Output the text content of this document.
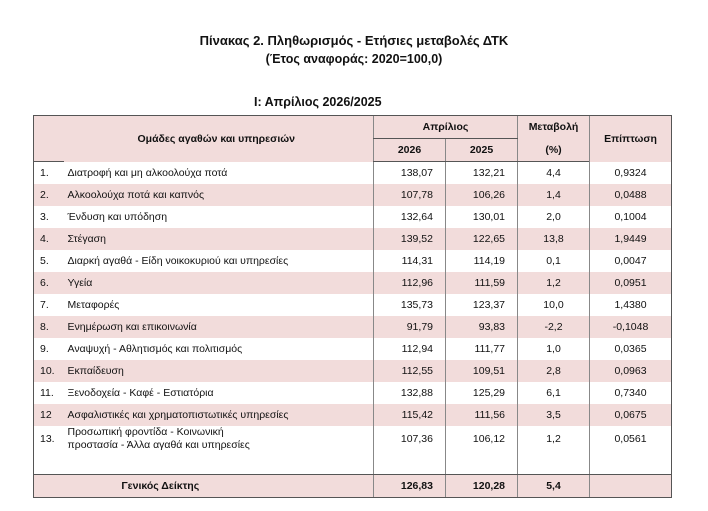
Πίνακας 2. Πληθωρισμός - Ετήσιες μεταβολές ΔΤΚ
(Έτος αναφοράς: 2020=100,0)
Ι: Απρίλιος 2026/2025
	Ομάδες αγαθών και υπηρεσιών	Απρίλιος		Μεταβολή	Επίπτωση
		2026	2025	(%)	
1.	Διατροφή και μη αλκοολούχα ποτά	138,07	132,21	4,4	0,9324
2.	Αλκοολούχα ποτά και καπνός	107,78	106,26	1,4	0,0488
3.	Ένδυση και υπόδηση	132,64	130,01	2,0	0,1004
4.	Στέγαση	139,52	122,65	13,8	1,9449
5.	Διαρκή αγαθά - Είδη νοικοκυριού και υπηρεσίες	114,31	114,19	0,1	0,0047
6.	Υγεία	112,96	111,59	1,2	0,0951
7.	Μεταφορές	135,73	123,37	10,0	1,4380
8.	Ενημέρωση και επικοινωνία	91,79	93,83	-2,2	-0,1048
9.	Αναψυχή - Αθλητισμός και πολιτισμός	112,94	111,77	1,0	0,0365
10.	Εκπαίδευση	112,55	109,51	2,8	0,0963
11.	Ξενοδοχεία - Καφέ - Εστιατόρια	132,88	125,29	6,1	0,7340
12	Ασφαλιστικές και χρηματοπιστωτικές υπηρεσίες	115,42	111,56	3,5	0,0675
13.	Προσωπική φροντίδα - Κοινωνική
προστασία - Άλλα αγαθά και υπηρεσίες	107,36	106,12	1,2	0,0561

	Γενικός Δείκτης	126,83	120,28	5,4	
